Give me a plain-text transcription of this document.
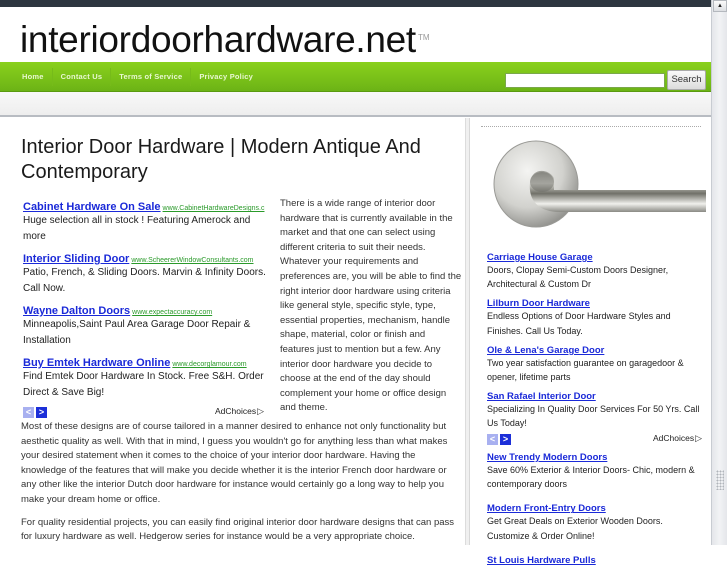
interiordoorhardware.net TM
Home	Contact Us	Terms of Service	Privacy Policy	Search
Interior Door Hardware | Modern Antique And Contemporary
Cabinet Hardware On Sale www.CabinetHardwareDesigns.c
Huge selection all in stock ! Featuring Amerock and more
Interior Sliding Door www.ScheererWindowConsultants.com
Patio, French, & Sliding Doors. Marvin & Infinity Doors. Call Now.
Wayne Dalton Doors www.expectaccuracy.com
Minneapolis,Saint Paul Area Garage Door Repair & Installation
Buy Emtek Hardware Online www.decorglamour.com
Find Emtek Door Hardware In Stock. Free S&H. Order Direct & Save Big!
< >	AdChoices▷
There is a wide range of interior door hardware that is currently available in the market and that one can select using different criteria to suit their needs. Whatever your requirements and preferences are, you will be able to find the right interior door hardware using criteria like general style, specific style, type, essential properties, mechanism, handle shape, material, color or finish and features just to mention but a few. Any interior door hardware you decide to choose at the end of the day should complement your home or office design and theme.

Most of these designs are of course tailored in a manner desired to enhance not only functionality but aesthetic quality as well. With that in mind, I guess you wouldn't go for anything less than what makes your desired statement when it comes to the choice of your interior door hardware. Having the knowledge of the features that will make you decide whether it is the interior French door hardware or any other like the interior Dutch door hardware for instance would certainly go a long way to help you make your dream home or office.

For quality residential projects, you can easily find original interior door hardware designs that can pass for luxury hardware as well. Hedgerow series for instance would be a very appropriate choice.

Carriage House Garage
Doors, Clopay Semi-Custom Doors Designer, Architectural & Custom Dr
Lilburn Door Hardware
Endless Options of Door Hardware Styles and Finishes. Call Us Today.
Ole & Lena's Garage Door
Two year satisfaction guarantee on garagedoor & opener, lifetime parts
San Rafael Interior Door
Specializing In Quality Door Services For 50 Yrs. Call Us Today!
< >	AdChoices▷
New Trendy Modern Doors
Save 60% Exterior & Interior Doors- Chic, modern & contemporary doors
Modern Front-Entry Doors
Get Great Deals on Exterior Wooden Doors. Customize & Order Online!
St Louis Hardware Pulls
▲
